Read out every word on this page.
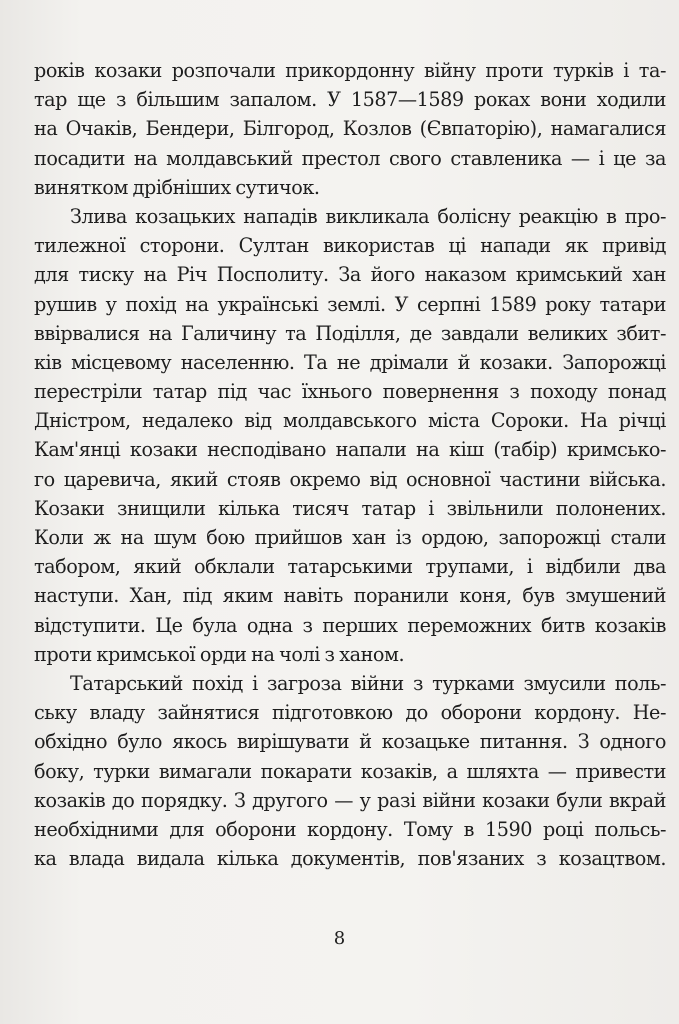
років козаки розпочали прикордонну війну проти турків і та-
тар ще з більшим запалом. У 1587—1589 роках вони ходили
на Очаків, Бендери, Білгород, Козлов (Євпаторію), намагалися
посадити на молдавський престол свого ставленика — і це за
винятком дрібніших сутичок.
Злива козацьких нападів викликала болісну реакцію в про-
тилежної сторони. Султан використав ці напади як привід
для тиску на Річ Посполиту. За його наказом кримський хан
рушив у похід на українські землі. У серпні 1589 року татари
ввірвалися на Галичину та Поділля, де завдали великих збит-
ків місцевому населенню. Та не дрімали й козаки. Запорожці
перестріли татар під час їхнього повернення з походу понад
Дністром, недалеко від молдавського міста Сороки. На річці
Кам'янці козаки несподівано напали на кіш (табір) кримсько-
го царевича, який стояв окремо від основної частини війська.
Козаки знищили кілька тисяч татар і звільнили полонених.
Коли ж на шум бою прийшов хан із ордою, запорожці стали
табором, який обклали татарськими трупами, і відбили два
наступи. Хан, під яким навіть поранили коня, був змушений
відступити. Це була одна з перших переможних битв козаків
проти кримської орди на чолі з ханом.
Татарський похід і загроза війни з турками змусили поль-
ську владу зайнятися підготовкою до оборони кордону. Не-
обхідно було якось вирішувати й козацьке питання. З одного
боку, турки вимагали покарати козаків, а шляхта — привести
козаків до порядку. З другого — у разі війни козаки були вкрай
необхідними для оборони кордону. Тому в 1590 році польсь-
ка влада видала кілька документів, пов'язаних з козацтвом.
8
